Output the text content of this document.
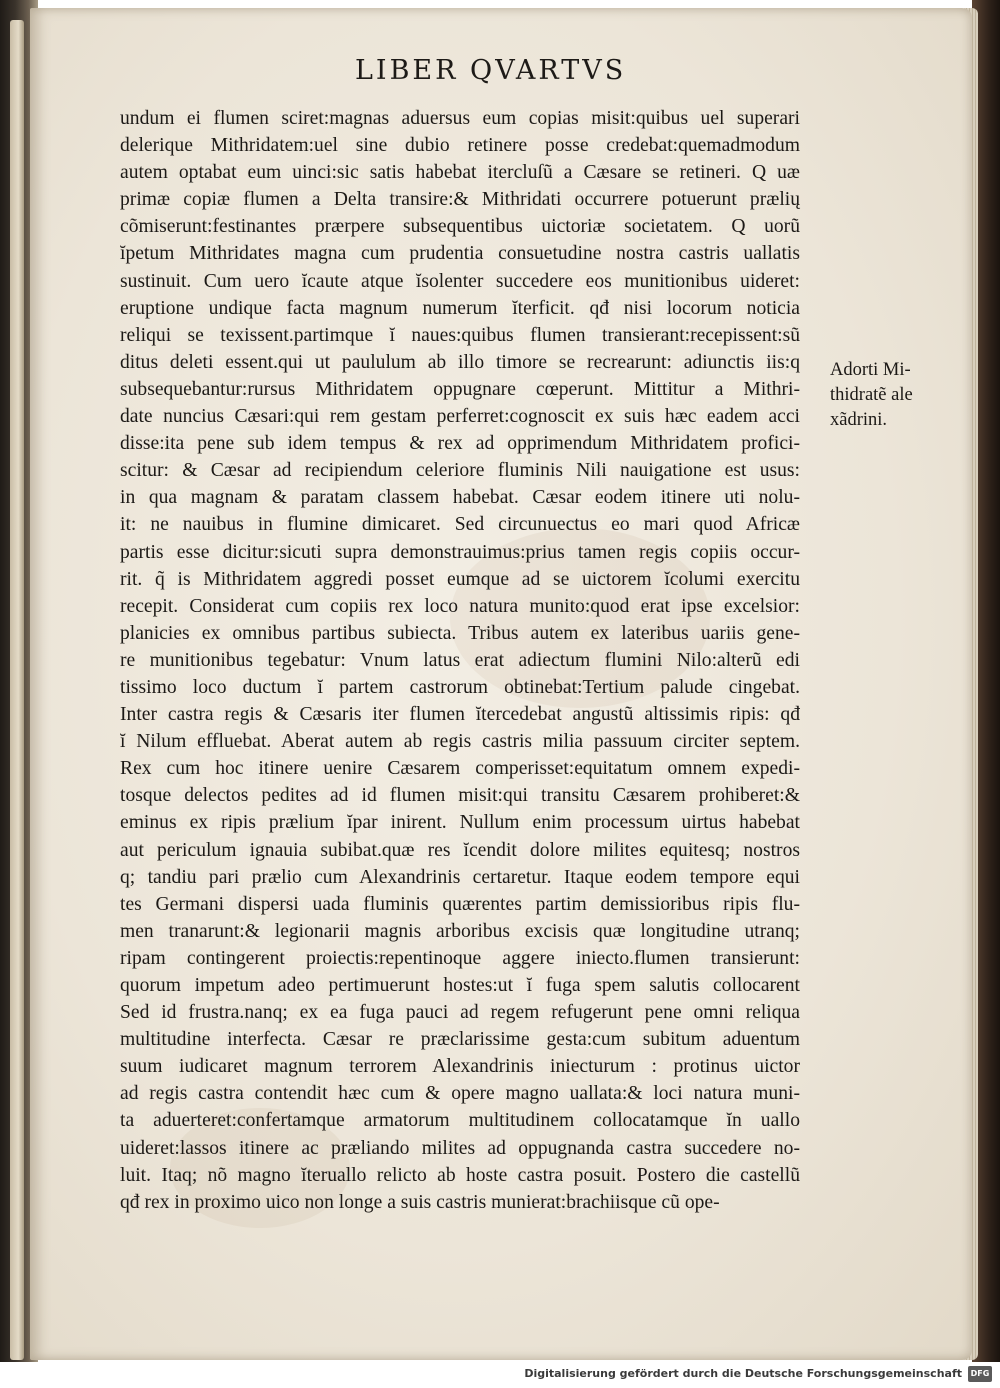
LIBER QVARTVS
undum ei flumen sciret:magnas aduersus eum copias misit:quibus uel superari
delerique Mithridatem:uel sine dubio retinere posse credebat:quemadmodum
autem optabat eum uinci:sic satis habebat itercluſũ a Cæsare se retineri. Q uæ
primæ copiæ flumen a Delta transire:& Mithridati occurrere potuerunt prælių
cõmiserunt:festinantes prærpere subsequentibus uictoriæ societatem. Q uorũ
ĭpetum Mithridates magna cum prudentia consuetudine nostra castris uallatis
sustinuit. Cum uero ĭcaute atque ĭsolenter succedere eos munitionibus uideret:
eruptione undique facta magnum numerum ĭterficit. qđ nisi locorum noticia
reliqui se texissent.partimque ĭ naues:quibus flumen transierant:recepissent:sũ
ditus deleti essent.qui ut paululum ab illo timore se recrearunt: adiunctis iis:q
subsequebantur:rursus Mithridatem oppugnare cœperunt. Mittitur a Mithri-
date nuncius Cæsari:qui rem gestam perferret:cognoscit ex suis hæc eadem acci
disse:ita pene sub idem tempus & rex ad opprimendum Mithridatem profici-
scitur: & Cæsar ad recipiendum celeriore fluminis Nili nauigatione est usus:
in qua magnam & paratam classem habebat. Cæsar eodem itinere uti nolu-
it: ne nauibus in flumine dimicaret. Sed circunuectus eo mari quod Africæ
partis esse dicitur:sicuti supra demonstrauimus:prius tamen regis copiis occur-
rit. q̃ is Mithridatem aggredi posset eumque ad se uictorem ĭcolumi exercitu
recepit. Considerat cum copiis rex loco natura munito:quod erat ipse excelsior:
planicies ex omnibus partibus subiecta. Tribus autem ex lateribus uariis gene-
re munitionibus tegebatur: Vnum latus erat adiectum flumini Nilo:alterũ edi
tissimo loco ductum ĭ partem castrorum obtinebat:Tertium palude cingebat.
Inter castra regis & Cæsaris iter flumen ĭtercedebat angustũ altissimis ripis: qđ
ĭ Nilum effluebat. Aberat autem ab regis castris milia passuum circiter septem.
Rex cum hoc itinere uenire Cæsarem comperisset:equitatum omnem expedi-
tosque delectos pedites ad id flumen misit:qui transitu Cæsarem prohiberet:&
eminus ex ripis prælium ĭpar inirent. Nullum enim processum uirtus habebat
aut periculum ignauia subibat.quæ res ĭcendit dolore milites equitesq; nostros
q; tandiu pari prælio cum Alexandrinis certaretur. Itaque eodem tempore equi
tes Germani dispersi uada fluminis quærentes partim demissioribus ripis flu-
men tranarunt:& legionarii magnis arboribus excisis quæ longitudine utranq;
ripam contingerent proiectis:repentinoque aggere iniecto.flumen transierunt:
quorum impetum adeo pertimuerunt hostes:ut ĭ fuga spem salutis collocarent
Sed id frustra.nanq; ex ea fuga pauci ad regem refugerunt pene omni reliqua
multitudine interfecta. Cæsar re præclarissime gesta:cum subitum aduentum
suum iudicaret magnum terrorem Alexandrinis iniecturum : protinus uictor
ad regis castra contendit hæc cum & opere magno uallata:& loci natura muni-
ta aduerteret:confertamque armatorum multitudinem collocatamque ĭn uallo
uideret:lassos itinere ac præliando milites ad oppugnanda castra succedere no-
luit. Itaq; nõ magno ĭteruallo relicto ab hoste castra posuit. Postero die castellũ
qđ rex in proximo uico non longe a suis castris munierat:brachiisque cũ ope-
Adorti Mi-
thidratẽ ale
xãdrini.
Digitalisierung gefördert durch die Deutsche Forschungsgemeinschaft	DFG
